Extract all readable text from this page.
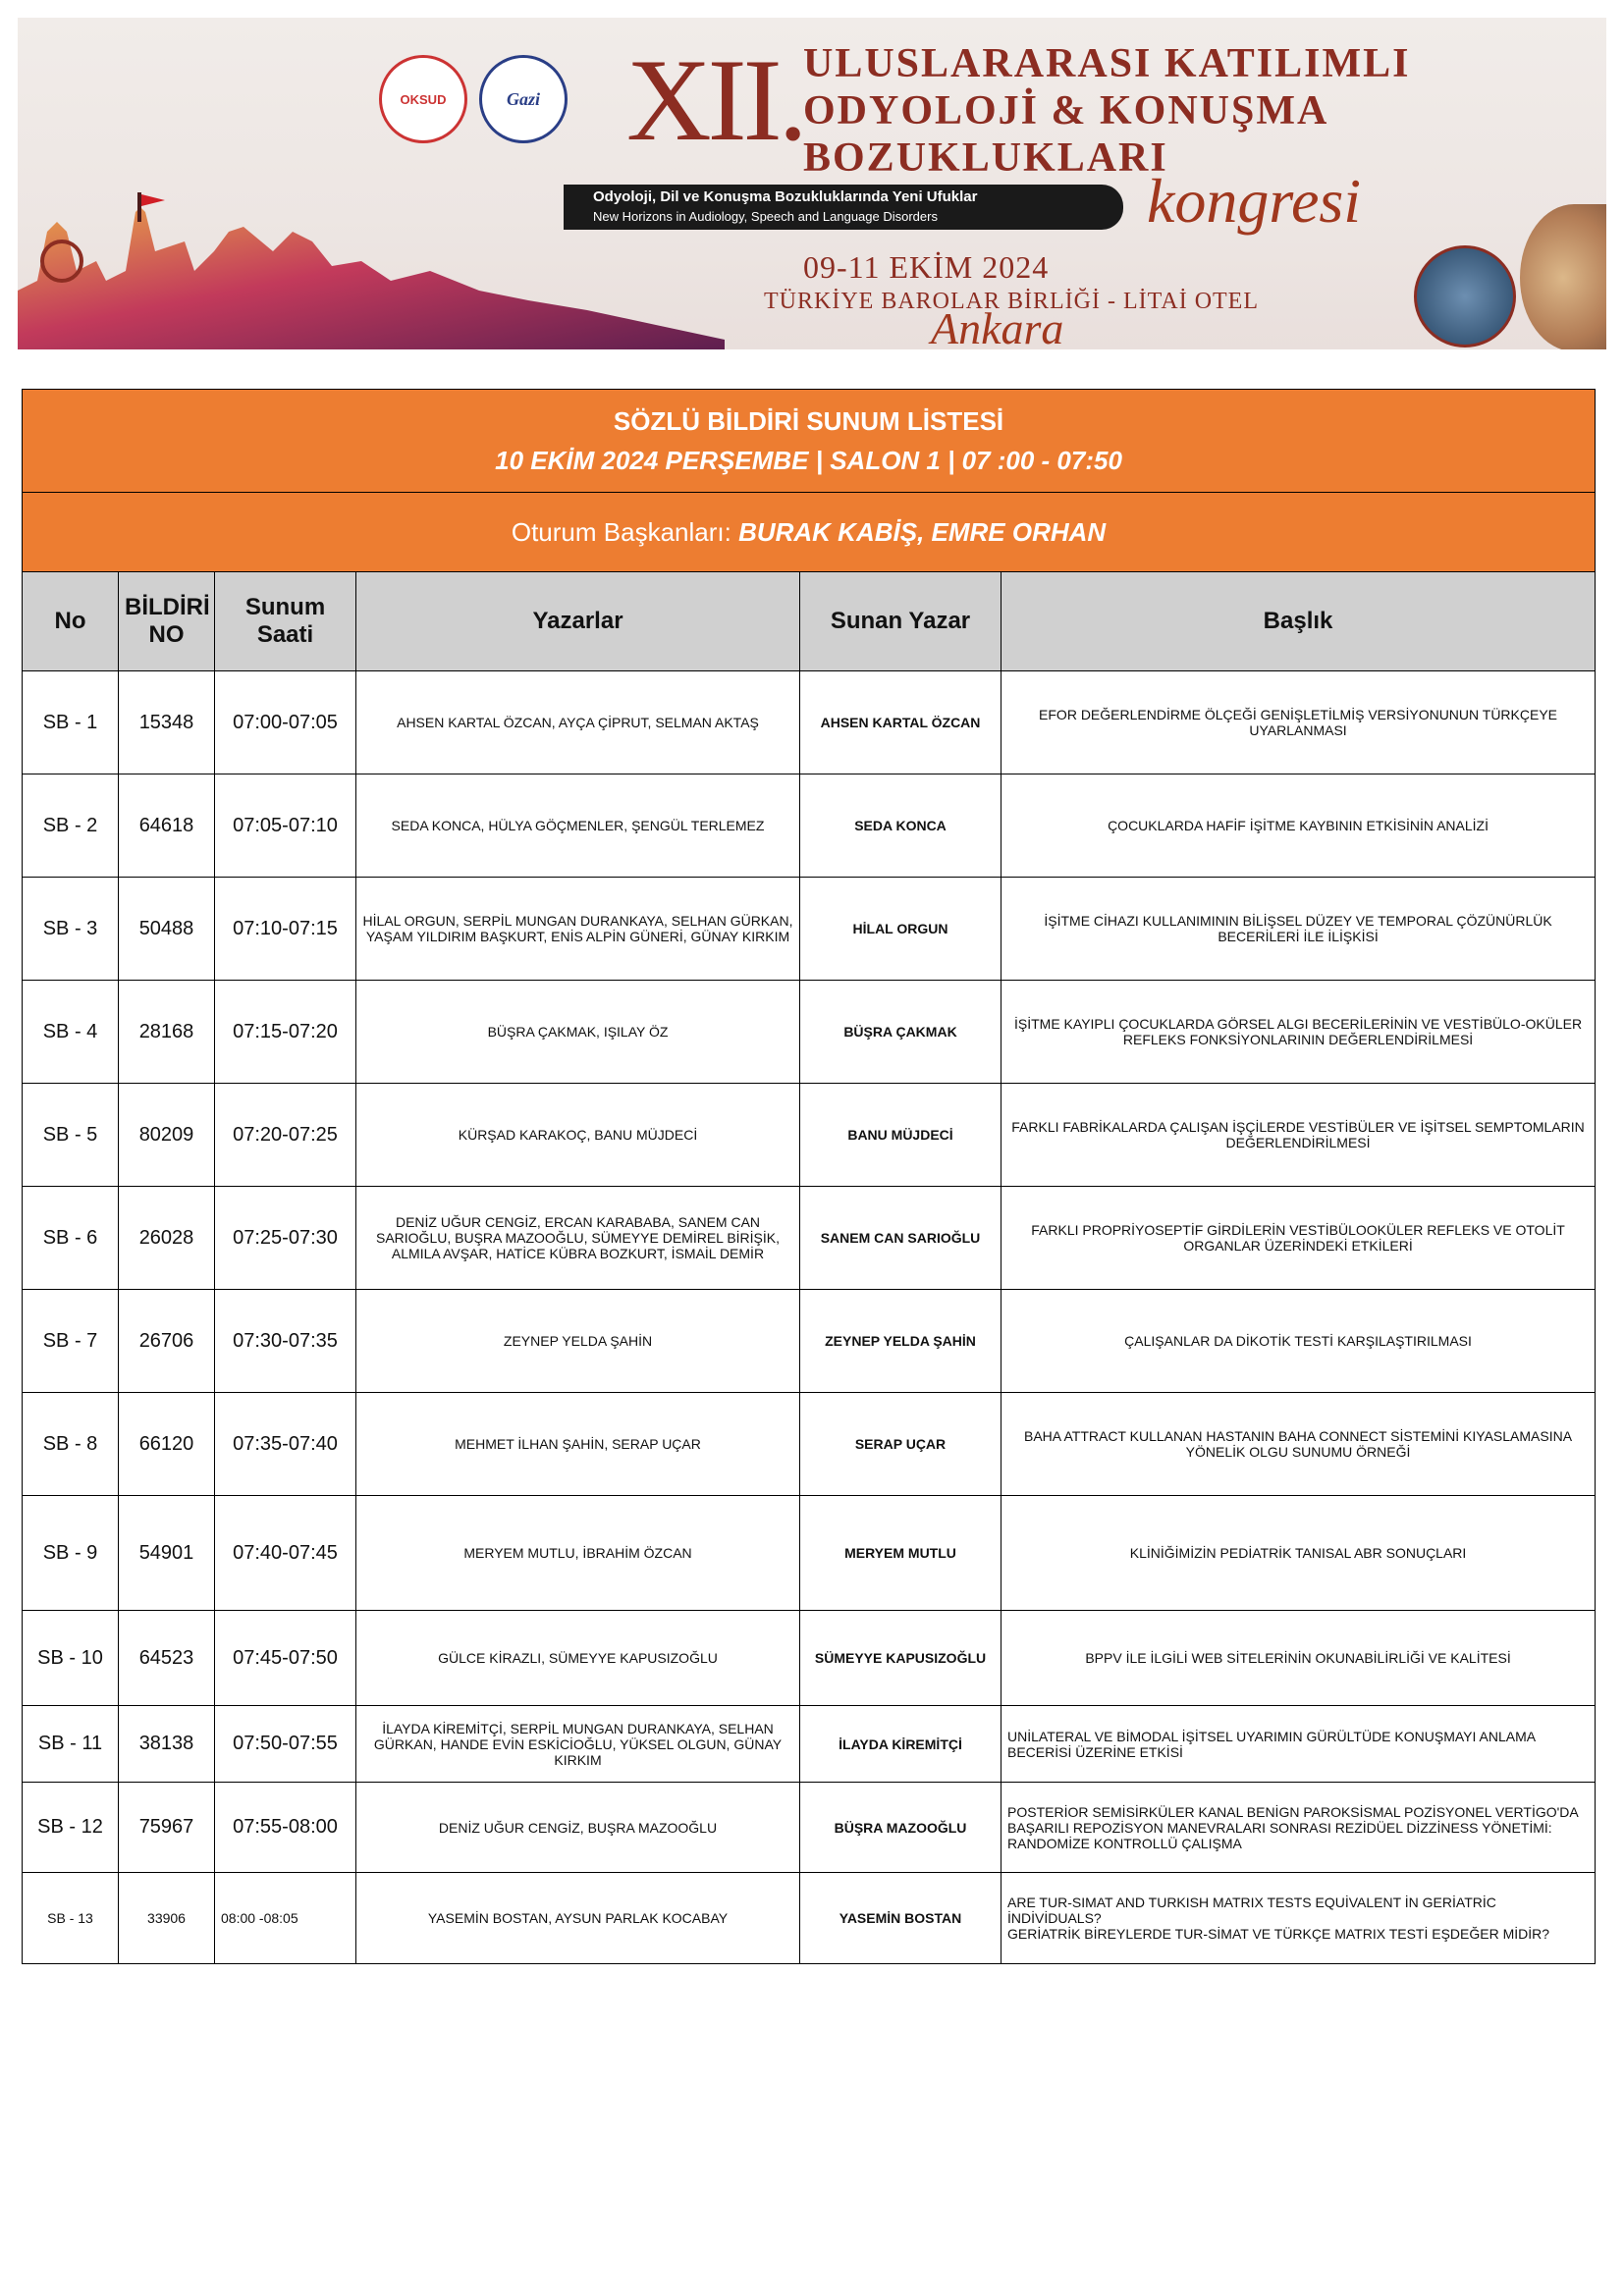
OKSUD	Gazi XII. ULUSLARARASI KATILIMLI
ODYOLOJİ & KONUŞMA
BOZUKLUKLARI
Odyoloji, Dil ve Konuşma Bozukluklarında Yeni Ufuklar
New Horizons in Audiology, Speech and Language Disorders	kongresi
09-11 EKİM 2024
TÜRKİYE BAROLAR BİRLİĞİ - LİTAİ OTEL
Ankara
SÖZLÜ BİLDİRİ SUNUM LİSTESİ
10 EKİM 2024 PERŞEMBE | SALON 1 | 07 :00 - 07:50					

Oturum Başkanları: BURAK KABİŞ, EMRE ORHAN					
No	BİLDİRİ NO	Sunum Saati	Yazarlar	Sunan Yazar	Başlık
SB - 1	15348	07:00-07:05	AHSEN KARTAL ÖZCAN, AYÇA ÇİPRUT, SELMAN AKTAŞ	AHSEN KARTAL ÖZCAN	EFOR DEĞERLENDİRME ÖLÇEĞİ GENİŞLETİLMİŞ VERSİYONUNUN TÜRKÇEYE UYARLANMASI
SB - 2	64618	07:05-07:10	SEDA KONCA, HÜLYA GÖÇMENLER, ŞENGÜL TERLEMEZ	SEDA KONCA	ÇOCUKLARDA HAFİF İŞİTME KAYBININ ETKİSİNİN ANALİZİ
SB - 3	50488	07:10-07:15	HİLAL ORGUN, SERPİL MUNGAN DURANKAYA, SELHAN GÜRKAN, YAŞAM YILDIRIM BAŞKURT, ENİS ALPİN GÜNERİ, GÜNAY KIRKIM	HİLAL ORGUN	İŞİTME CİHAZI KULLANIMININ BİLİŞSEL DÜZEY VE TEMPORAL ÇÖZÜNÜRLÜK BECERİLERİ İLE İLİŞKİSİ
SB - 4	28168	07:15-07:20	BÜŞRA ÇAKMAK, IŞILAY ÖZ	BÜŞRA ÇAKMAK	İŞİTME KAYIPLI ÇOCUKLARDA GÖRSEL ALGI BECERİLERİNİN VE VESTİBÜLO-OKÜLER REFLEKS FONKSİYONLARININ DEĞERLENDİRİLMESİ
SB - 5	80209	07:20-07:25	KÜRŞAD KARAKOÇ, BANU MÜJDECİ	BANU MÜJDECİ	FARKLI FABRİKALARDA ÇALIŞAN İŞÇİLERDE VESTİBÜLER VE İŞİTSEL SEMPTOMLARIN DEĞERLENDİRİLMESİ
SB - 6	26028	07:25-07:30	DENİZ UĞUR CENGİZ, ERCAN KARABABA, SANEM CAN SARIOĞLU, BUŞRA MAZOOĞLU, SÜMEYYE DEMİREL BİRİŞİK, ALMILA AVŞAR, HATİCE KÜBRA BOZKURT, İSMAİL DEMİR	SANEM CAN SARIOĞLU	FARKLI PROPRİYOSEPTİF GİRDİLERİN VESTİBÜLOOKÜLER REFLEKS VE OTOLİT ORGANLAR ÜZERİNDEKİ ETKİLERİ
SB - 7	26706	07:30-07:35	ZEYNEP YELDA ŞAHİN	ZEYNEP YELDA ŞAHİN	ÇALIŞANLAR DA DİKOTİK TESTİ KARŞILAŞTIRILMASI
SB - 8	66120	07:35-07:40	MEHMET İLHAN ŞAHİN, SERAP UÇAR	SERAP UÇAR	BAHA ATTRACT KULLANAN HASTANIN BAHA CONNECT SİSTEMİNİ KIYASLAMASINA YÖNELİK OLGU SUNUMU ÖRNEĞİ
SB - 9	54901	07:40-07:45	MERYEM MUTLU, İBRAHİM ÖZCAN	MERYEM MUTLU	KLİNİĞİMİZİN PEDİATRİK TANISAL ABR SONUÇLARI
SB - 10	64523	07:45-07:50	GÜLCE KİRAZLI, SÜMEYYE KAPUSIZOĞLU	SÜMEYYE KAPUSIZOĞLU	BPPV İLE İLGİLİ WEB SİTELERİNİN OKUNABİLİRLİĞİ VE KALİTESİ
SB - 11	38138	07:50-07:55	İLAYDA KİREMİTÇİ, SERPİL MUNGAN DURANKAYA, SELHAN GÜRKAN, HANDE EVİN ESKİCİOĞLU, YÜKSEL OLGUN, GÜNAY KIRKIM	İLAYDA KİREMİTÇİ	UNİLATERAL VE BİMODAL İŞİTSEL UYARIMIN GÜRÜLTÜDE KONUŞMAYI ANLAMA BECERİSİ ÜZERİNE ETKİSİ
SB - 12	75967	07:55-08:00	DENİZ UĞUR CENGİZ, BUŞRA MAZOOĞLU	BÜŞRA MAZOOĞLU	POSTERİOR SEMİSİRKÜLER KANAL BENİGN PAROKSİSMAL POZİSYONEL VERTİGO'DA BAŞARILI REPOZİSYON MANEVRALARI SONRASI REZİDÜEL DİZZİNESS YÖNETİMİ: RANDOMİZE KONTROLLÜ ÇALIŞMA
SB - 13	33906	08:00 -08:05	YASEMİN BOSTAN, AYSUN PARLAK KOCABAY	YASEMİN BOSTAN	ARE TUR-SIMAT AND TURKISH MATRIX TESTS EQUİVALENT İN GERİATRİC İNDİVİDUALS?
GERİATRİK BİREYLERDE TUR-SİMAT VE TÜRKÇE MATRIX TESTİ EŞDEĞER MİDİR?
